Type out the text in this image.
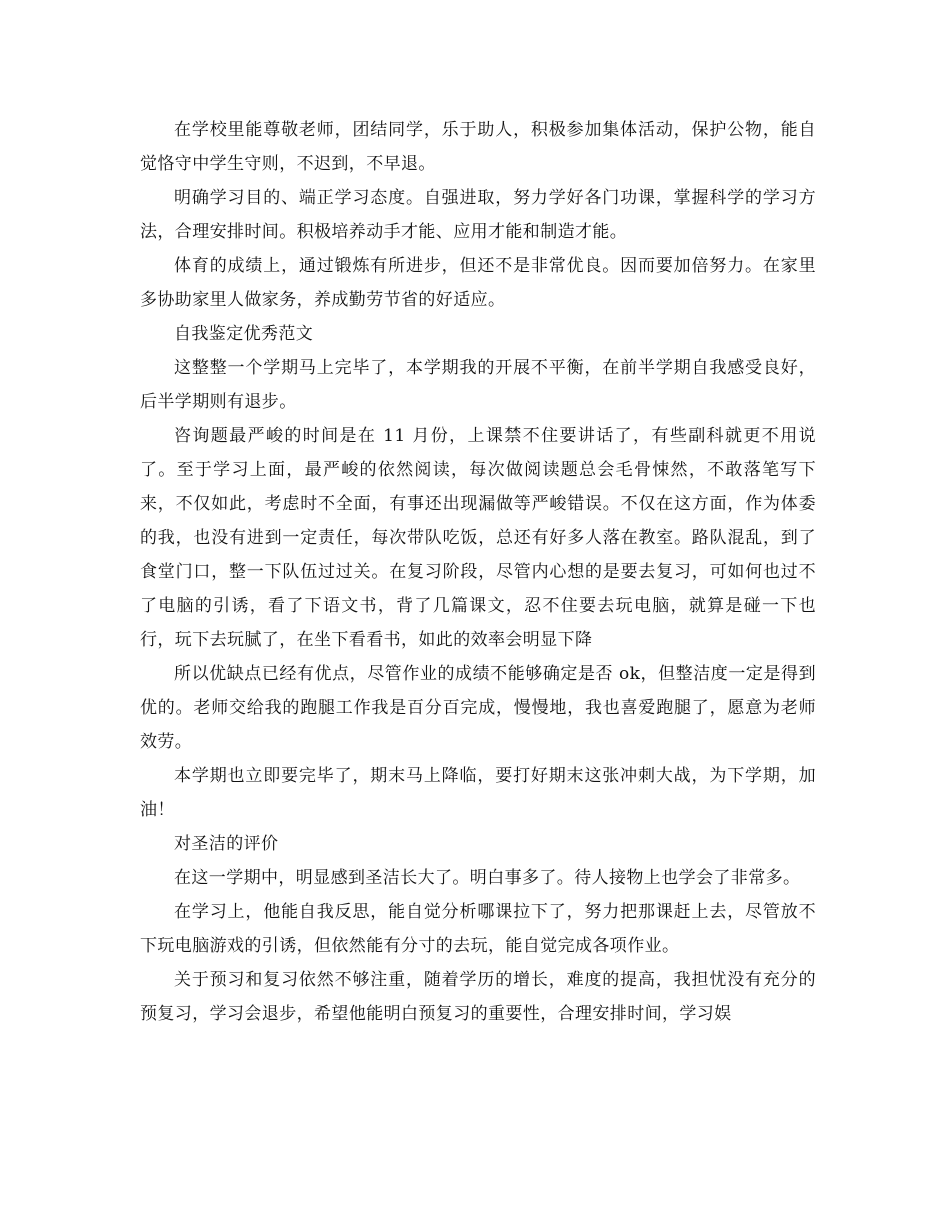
在学校里能尊敬老师，团结同学，乐于助人，积极参加集体活动，保护公物，能自觉恪守中学生守则，不迟到，不早退。

明确学习目的、端正学习态度。自强进取，努力学好各门功课，掌握科学的学习方法，合理安排时间。积极培养动手才能、应用才能和制造才能。

体育的成绩上，通过锻炼有所进步，但还不是非常优良。因而要加倍努力。在家里多协助家里人做家务，养成勤劳节省的好适应。

自我鉴定优秀范文

这整整一个学期马上完毕了，本学期我的开展不平衡，在前半学期自我感受良好，后半学期则有退步。

咨询题最严峻的时间是在 11 月份，上课禁不住要讲话了，有些副科就更不用说了。至于学习上面，最严峻的依然阅读，每次做阅读题总会毛骨悚然，不敢落笔写下来，不仅如此，考虑时不全面，有事还出现漏做等严峻错误。不仅在这方面，作为体委的我，也没有进到一定责任，每次带队吃饭，总还有好多人落在教室。路队混乱，到了食堂门口，整一下队伍过过关。在复习阶段，尽管内心想的是要去复习，可如何也过不了电脑的引诱，看了下语文书，背了几篇课文，忍不住要去玩电脑，就算是碰一下也行，玩下去玩腻了，在坐下看看书，如此的效率会明显下降

所以优缺点已经有优点，尽管作业的成绩不能够确定是否 ok，但整洁度一定是得到优的。老师交给我的跑腿工作我是百分百完成，慢慢地，我也喜爱跑腿了，愿意为老师效劳。

本学期也立即要完毕了，期末马上降临，要打好期末这张冲刺大战，为下学期，加油！

对圣洁的评价

在这一学期中，明显感到圣洁长大了。明白事多了。待人接物上也学会了非常多。

在学习上，他能自我反思，能自觉分析哪课拉下了，努力把那课赶上去，尽管放不下玩电脑游戏的引诱，但依然能有分寸的去玩，能自觉完成各项作业。

关于预习和复习依然不够注重，随着学历的增长，难度的提高，我担忧没有充分的预复习，学习会退步，希望他能明白预复习的重要性，合理安排时间，学习娱
